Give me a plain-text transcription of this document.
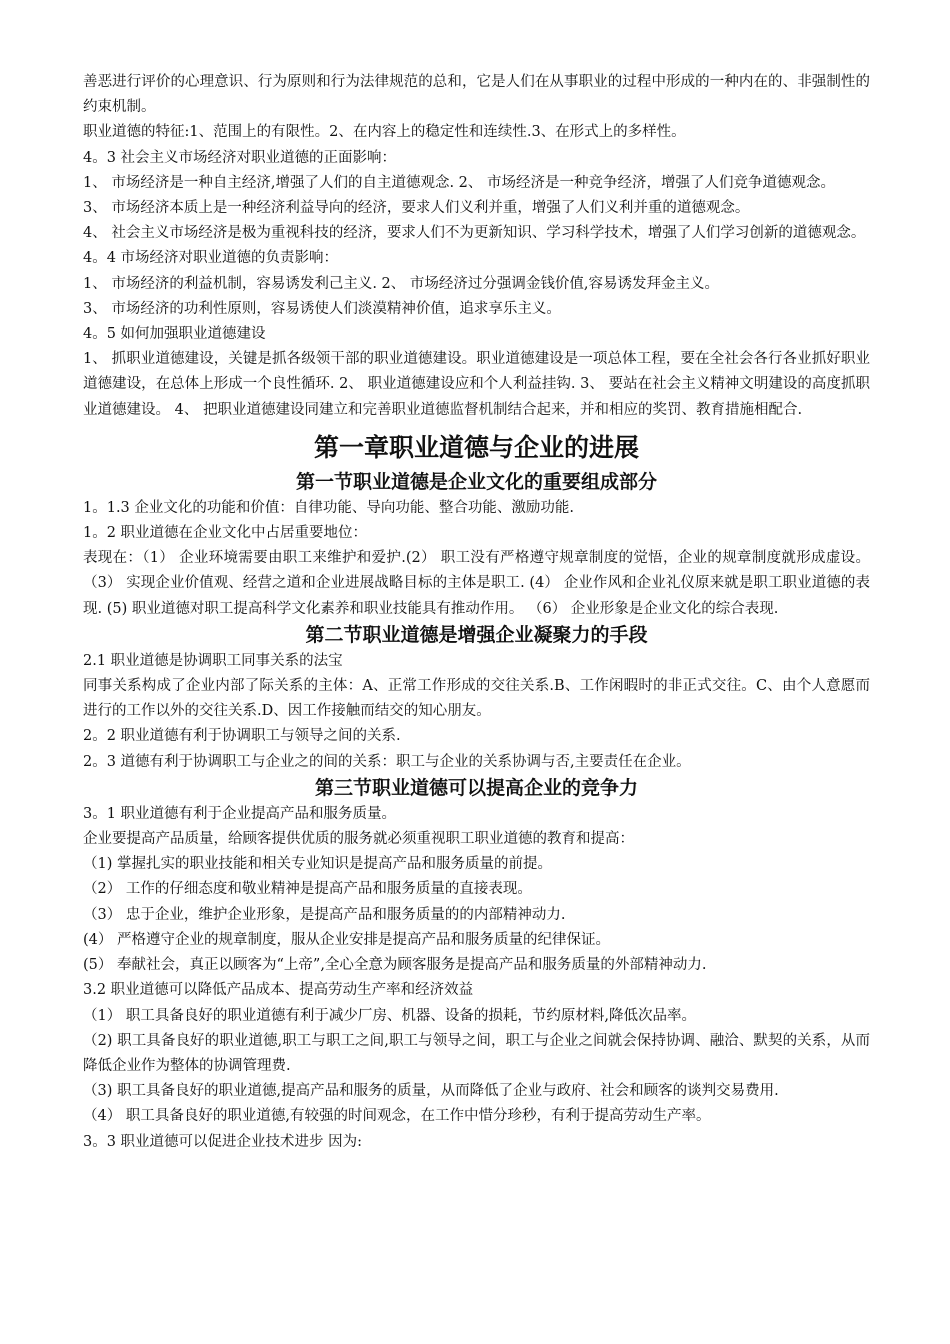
善恶进行评价的心理意识、行为原则和行为法律规范的总和，它是人们在从事职业的过程中形成的一种内在的、非强制性的约束机制。

职业道德的特征:1、范围上的有限性。2、在内容上的稳定性和连续性.3、在形式上的多样性。

4。3 社会主义市场经济对职业道德的正面影响：

1、 市场经济是一种自主经济,增强了人们的自主道德观念. 2、 市场经济是一种竞争经济，增强了人们竞争道德观念。

3、 市场经济本质上是一种经济利益导向的经济，要求人们义利并重，增强了人们义利并重的道德观念。

4、 社会主义市场经济是极为重视科技的经济，要求人们不为更新知识、学习科学技术，增强了人们学习创新的道德观念。

4。4 市场经济对职业道德的负责影响：

1、 市场经济的利益机制，容易诱发利己主义. 2、 市场经济过分强调金钱价值,容易诱发拜金主义。

3、 市场经济的功利性原则，容易诱使人们淡漠精神价值，追求享乐主义。

4。5 如何加强职业道德建设

1、 抓职业道德建设，关键是抓各级领干部的职业道德建设。职业道德建设是一项总体工程，要在全社会各行各业抓好职业道德建设，在总体上形成一个良性循环. 2、 职业道德建设应和个人利益挂钩. 3、 要站在社会主义精神文明建设的高度抓职业道德建设。 4、 把职业道德建设同建立和完善职业道德监督机制结合起来，并和相应的奖罚、教育措施相配合.

第一章职业道德与企业的进展
第一节职业道德是企业文化的重要组成部分

1。1.3 企业文化的功能和价值：自律功能、导向功能、整合功能、激励功能.

1。2 职业道德在企业文化中占居重要地位：

表现在：（1） 企业环境需要由职工来维护和爱护.(2） 职工没有严格遵守规章制度的觉悟，企业的规章制度就形成虚设。 （3） 实现企业价值观、经营之道和企业进展战略目标的主体是职工. (4） 企业作风和企业礼仪原来就是职工职业道德的表现. (5) 职业道德对职工提高科学文化素养和职业技能具有推动作用。 （6） 企业形象是企业文化的综合表现.

第二节职业道德是增强企业凝聚力的手段

2.1 职业道德是协调职工同事关系的法宝

同事关系构成了企业内部了际关系的主体：A、正常工作形成的交往关系.B、工作闲暇时的非正式交往。C、由个人意愿而进行的工作以外的交往关系.D、因工作接触而结交的知心朋友。

2。2 职业道德有利于协调职工与领导之间的关系.

2。3 道德有利于协调职工与企业之的间的关系：职工与企业的关系协调与否,主要责任在企业。

第三节职业道德可以提高企业的竞争力

3。1 职业道德有利于企业提高产品和服务质量。

企业要提高产品质量，给顾客提供优质的服务就必须重视职工职业道德的教育和提高：

（1) 掌握扎实的职业技能和相关专业知识是提高产品和服务质量的前提。

（2） 工作的仔细态度和敬业精神是提高产品和服务质量的直接表现。

（3） 忠于企业，维护企业形象，是提高产品和服务质量的的内部精神动力.

(4） 严格遵守企业的规章制度，服从企业安排是提高产品和服务质量的纪律保证。

(5） 奉献社会，真正以顾客为“上帝”,全心全意为顾客服务是提高产品和服务质量的外部精神动力.

3.2 职业道德可以降低产品成本、提高劳动生产率和经济效益

（1） 职工具备良好的职业道德有利于减少厂房、机器、设备的损耗，节约原材料,降低次品率。

（2) 职工具备良好的职业道德,职工与职工之间,职工与领导之间，职工与企业之间就会保持协调、融洽、默契的关系，从而降低企业作为整体的协调管理费.

（3) 职工具备良好的职业道德,提高产品和服务的质量，从而降低了企业与政府、社会和顾客的谈判交易费用.

（4） 职工具备良好的职业道德,有较强的时间观念，在工作中惜分珍秒，有利于提高劳动生产率。

3。3 职业道德可以促进企业技术进步 因为:
